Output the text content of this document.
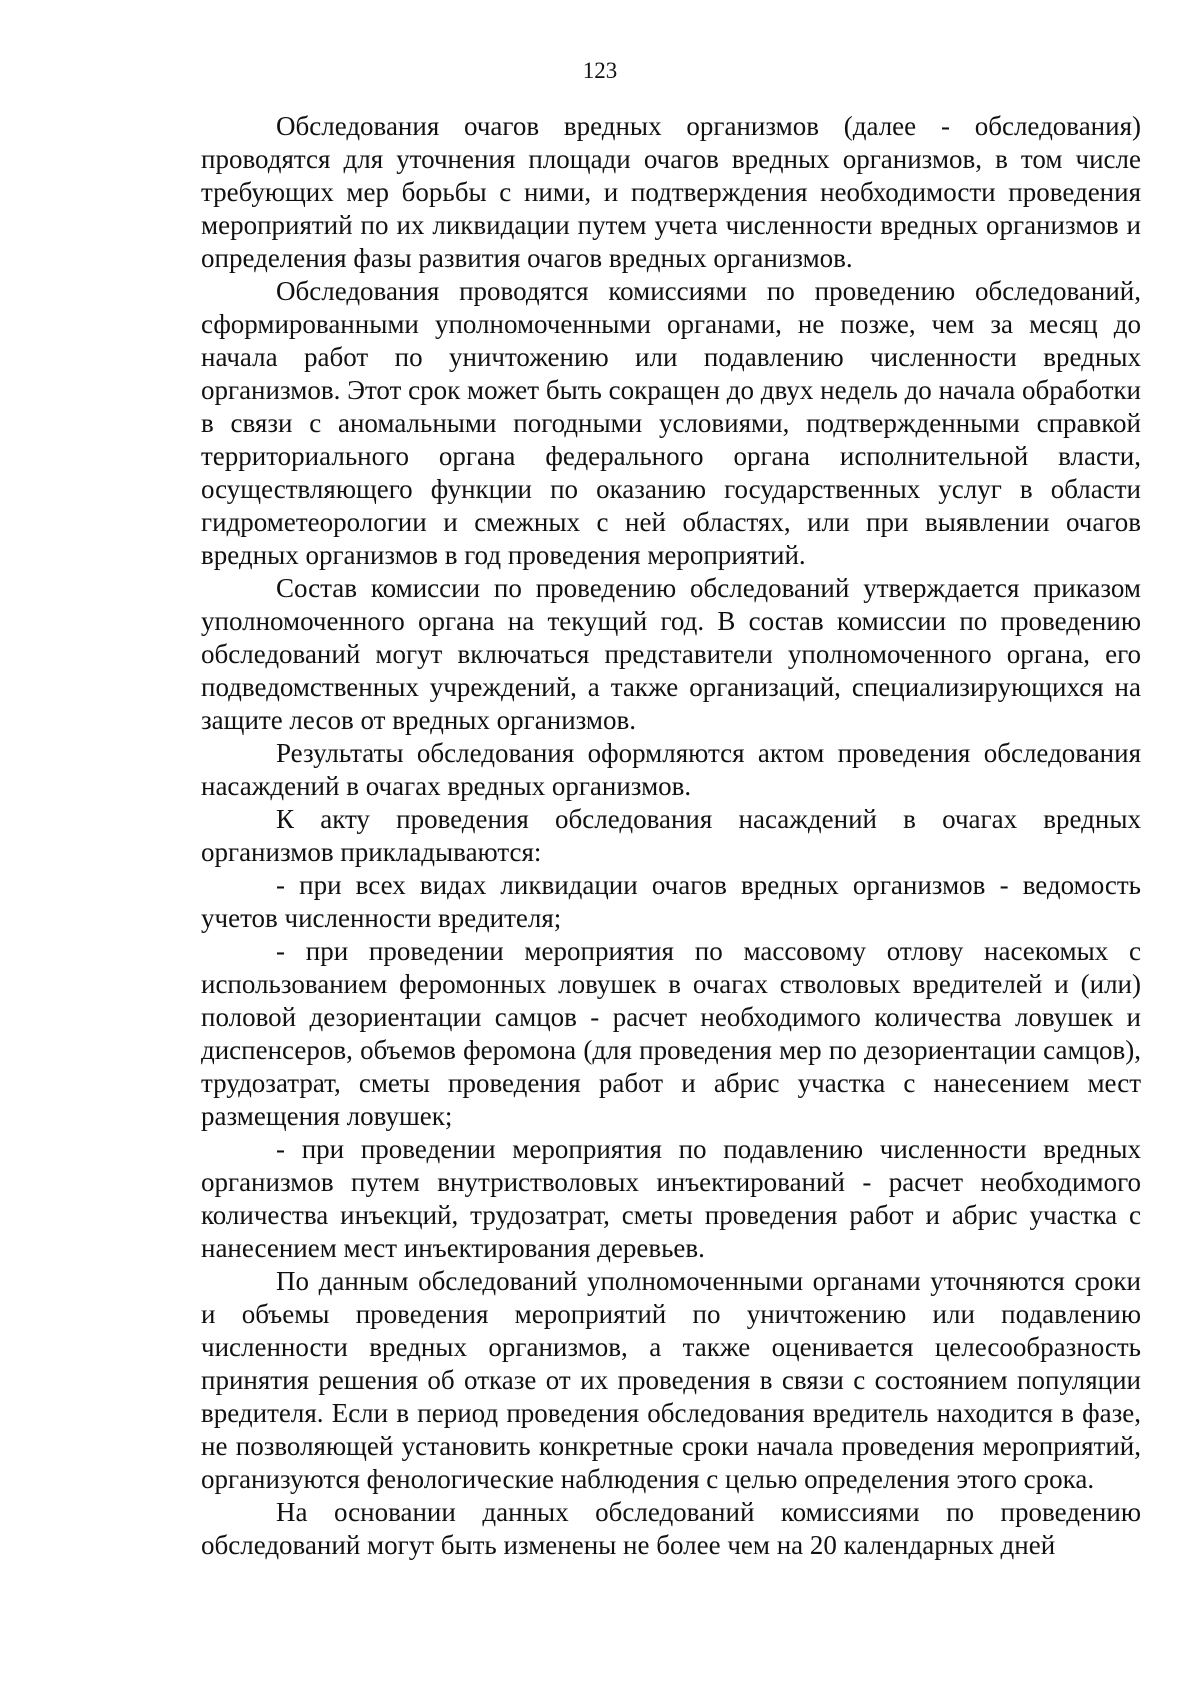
123

Обследования очагов вредных организмов (далее - обследования) проводятся для уточнения площади очагов вредных организмов, в том числе требующих мер борьбы с ними, и подтверждения необходимости проведения мероприятий по их ликвидации путем учета численности вредных организмов и определения фазы развития очагов вредных организмов.

Обследования проводятся комиссиями по проведению обследований, сформированными уполномоченными органами, не позже, чем за месяц до начала работ по уничтожению или подавлению численности вредных организмов. Этот срок может быть сокращен до двух недель до начала обработки в связи с аномальными погодными условиями, подтвержденными справкой территориального органа федерального органа исполнительной власти, осуществляющего функции по оказанию государственных услуг в области гидрометеорологии и смежных с ней областях, или при выявлении очагов вредных организмов в год проведения мероприятий.

Состав комиссии по проведению обследований утверждается приказом уполномоченного органа на текущий год. В состав комиссии по проведению обследований могут включаться представители уполномоченного органа, его подведомственных учреждений, а также организаций, специализирующихся на защите лесов от вредных организмов.

Результаты обследования оформляются актом проведения обследования насаждений в очагах вредных организмов.

К акту проведения обследования насаждений в очагах вредных организмов прикладываются:

- при всех видах ликвидации очагов вредных организмов - ведомость учетов численности вредителя;

- при проведении мероприятия по массовому отлову насекомых с использованием феромонных ловушек в очагах стволовых вредителей и (или) половой дезориентации самцов - расчет необходимого количества ловушек и диспенсеров, объемов феромона (для проведения мер по дезориентации самцов), трудозатрат, сметы проведения работ и абрис участка с нанесением мест размещения ловушек;

- при проведении мероприятия по подавлению численности вредных организмов путем внутристволовых инъектирований - расчет необходимого количества инъекций, трудозатрат, сметы проведения работ и абрис участка с нанесением мест инъектирования деревьев.

По данным обследований уполномоченными органами уточняются сроки и объемы проведения мероприятий по уничтожению или подавлению численности вредных организмов, а также оценивается целесообразность принятия решения об отказе от их проведения в связи с состоянием популяции вредителя. Если в период проведения обследования вредитель находится в фазе, не позволяющей установить конкретные сроки начала проведения мероприятий, организуются фенологические наблюдения с целью определения этого срока.

На основании данных обследований комиссиями по проведению обследований могут быть изменены не более чем на 20 календарных дней
